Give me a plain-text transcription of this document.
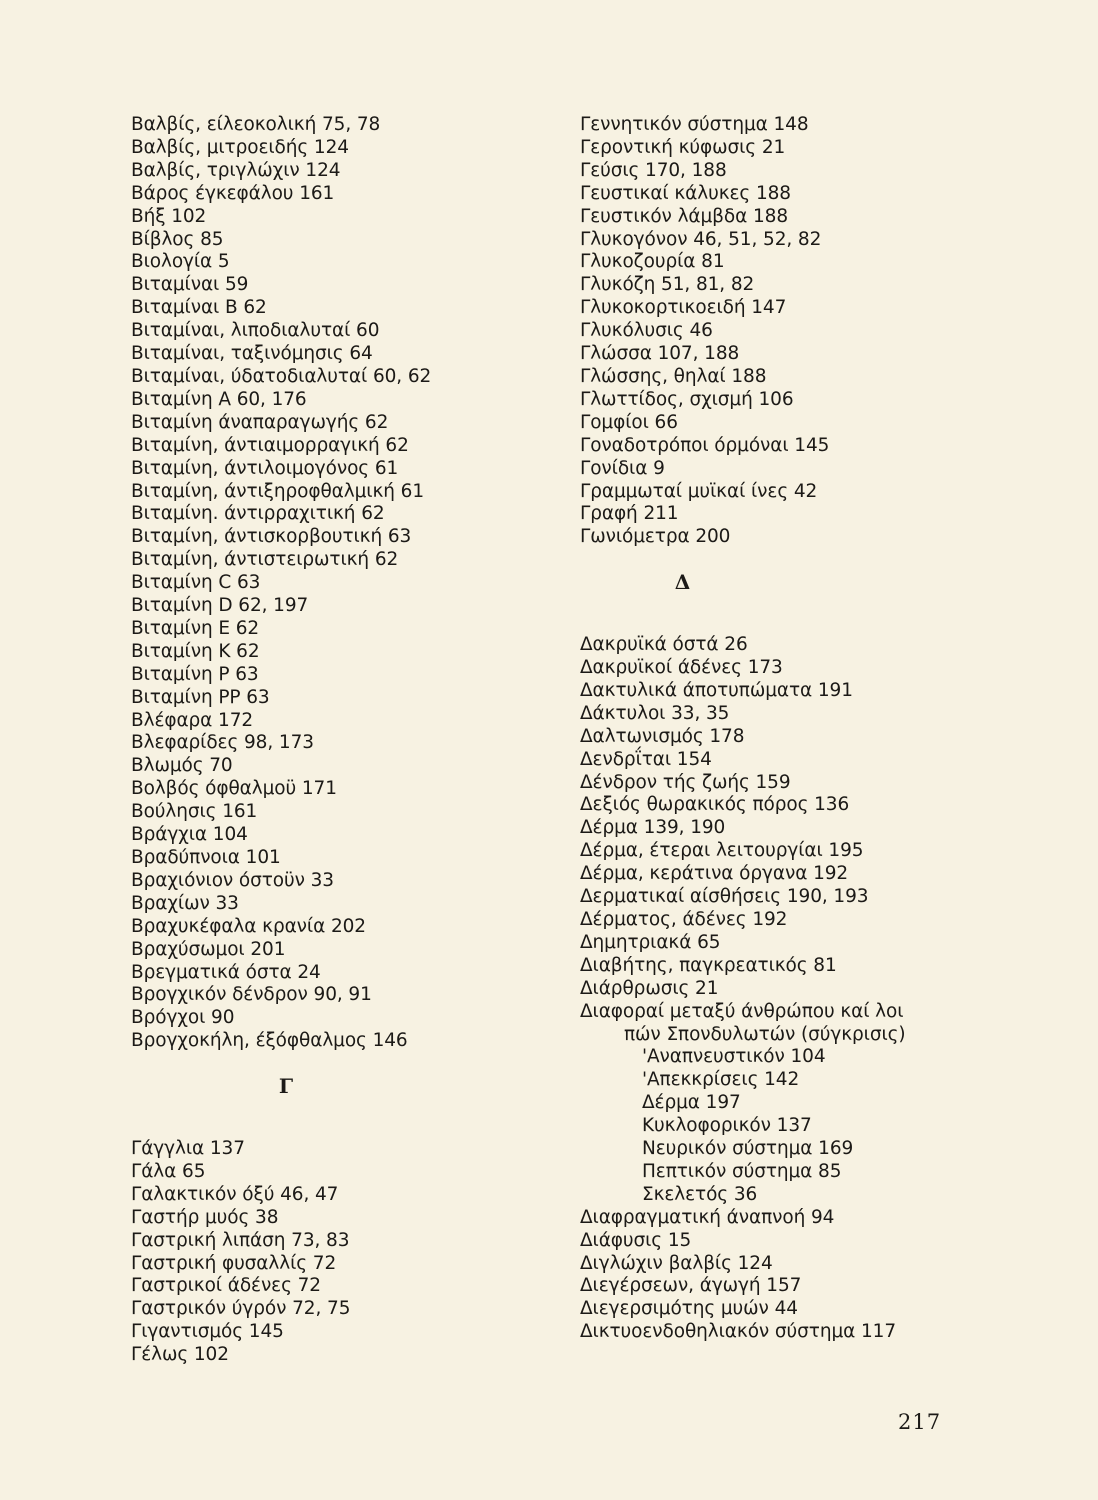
Βαλβίς, είλεοκολική 75, 78
Βαλβίς, μιτροειδής 124
Βαλβίς, τριγλώχιν 124
Βάρος έγκεφάλου 161
Βήξ 102
Βίβλος 85
Βιολογία 5
Βιταμίναι 59
Βιταμίναι Β 62
Βιταμίναι, λιποδιαλυταί 60
Βιταμίναι, ταξινόμησις 64
Βιταμίναι, ύδατοδιαλυταί 60, 62
Βιταμίνη Α 60, 176
Βιταμίνη άναπαραγωγής 62
Βιταμίνη, άντιαιμορραγική 62
Βιταμίνη, άντιλοιμογόνος 61
Βιταμίνη, άντιξηροφθαλμική 61
Βιταμίνη. άντιρραχιτική 62
Βιταμίνη, άντισκορβουτική 63
Βιταμίνη, άντιστειρωτική 62
Βιταμίνη C 63
Βιταμίνη D 62, 197
Βιταμίνη Ε 62
Βιταμίνη Κ 62
Βιταμίνη Ρ 63
Βιταμίνη ΡΡ 63
Βλέφαρα 172
Βλεφαρίδες 98, 173
Βλωμός 70
Βολβός όφθαλμοϋ 171
Βούλησις 161
Βράγχια 104
Βραδύπνοια 101
Βραχιόνιον όστοϋν 33
Βραχίων 33
Βραχυκέφαλα κρανία 202
Βραχύσωμοι 201
Βρεγματικά όστα 24
Βρογχικόν δένδρον 90, 91
Βρόγχοι 90
Βρογχοκήλη, έξόφθαλμος 146
Γ
Γάγγλια 137
Γάλα 65
Γαλακτικόν όξύ 46, 47
Γαστήρ μυός 38
Γαστρική λιπάση 73, 83
Γαστρική φυσαλλίς 72
Γαστρικοί άδένες 72
Γαστρικόν ύγρόν 72, 75
Γιγαντισμός 145
Γέλως 102
Γεννητικόν σύστημα 148
Γεροντική κύφωσις 21
Γεύσις 170, 188
Γευστικαί κάλυκες 188
Γευστικόν λάμβδα 188
Γλυκογόνον 46, 51, 52, 82
Γλυκοζουρία 81
Γλυκόζη 51, 81, 82
Γλυκοκορτικοειδή 147
Γλυκόλυσις 46
Γλώσσα 107, 188
Γλώσσης, θηλαί 188
Γλωττίδος, σχισμή 106
Γομφίοι 66
Γοναδοτρόποι όρμόναι 145
Γονίδια 9
Γραμμωταί μυϊκαί ίνες 42
Γραφή 211
Γωνιόμετρα 200
Δ
Δακρυϊκά όστά 26
Δακρυϊκοί άδένες 173
Δακτυλικά άποτυπώματα 191
Δάκτυλοι 33, 35
Δαλτωνισμός 178
Δενδρΐται 154
Δένδρον τής ζωής 159
Δεξιός θωρακικός πόρος 136
Δέρμα 139, 190
Δέρμα, έτεραι λειτουργίαι 195
Δέρμα, κεράτινα όργανα 192
Δερματικαί αίσθήσεις 190, 193
Δέρματος, άδένες 192
Δημητριακά 65
Διαβήτης, παγκρεατικός 81
Διάρθρωσις 21
Διαφοραί μεταξύ άνθρώπου καί λοι
πών Σπονδυλωτών (σύγκρισις)
'Αναπνευστικόν 104
'Απεκκρίσεις 142
Δέρμα 197
Κυκλοφορικόν 137
Νευρικόν σύστημα 169
Πεπτικόν σύστημα 85
Σκελετός 36
Διαφραγματική άναπνοή 94
Διάφυσις 15
Διγλώχιν βαλβίς 124
Διεγέρσεων, άγωγή 157
Διεγερσιμότης μυών 44
Δικτυοενδοθηλιακόν σύστημα 117
217
